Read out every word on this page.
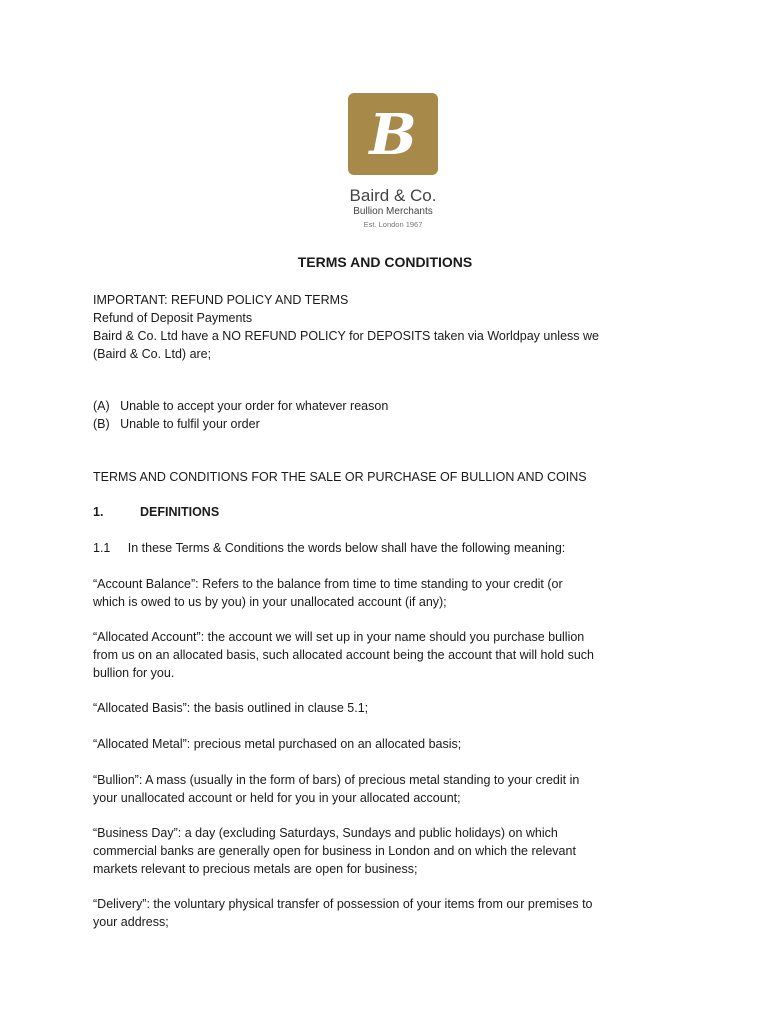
B
Baird & Co.
Bullion Merchants
Est. London 1967
TERMS AND CONDITIONS
IMPORTANT: REFUND POLICY AND TERMS
Refund of Deposit Payments
Baird & Co. Ltd have a NO REFUND POLICY for DEPOSITS taken via Worldpay unless we
(Baird & Co. Ltd) are;
(A)   Unable to accept your order for whatever reason
(B)   Unable to fulfil your order
TERMS AND CONDITIONS FOR THE SALE OR PURCHASE OF BULLION AND COINS
1.	DEFINITIONS
1.1     In these Terms & Conditions the words below shall have the following meaning:
“Account Balance”: Refers to the balance from time to time standing to your credit (or
which is owed to us by you) in your unallocated account (if any);
“Allocated Account”: the account we will set up in your name should you purchase bullion
from us on an allocated basis, such allocated account being the account that will hold such
bullion for you.
“Allocated Basis”: the basis outlined in clause 5.1;
“Allocated Metal”: precious metal purchased on an allocated basis;
“Bullion”: A mass (usually in the form of bars) of precious metal standing to your credit in
your unallocated account or held for you in your allocated account;
“Business Day”: a day (excluding Saturdays, Sundays and public holidays) on which
commercial banks are generally open for business in London and on which the relevant
markets relevant to precious metals are open for business;
“Delivery”: the voluntary physical transfer of possession of your items from our premises to
your address;
